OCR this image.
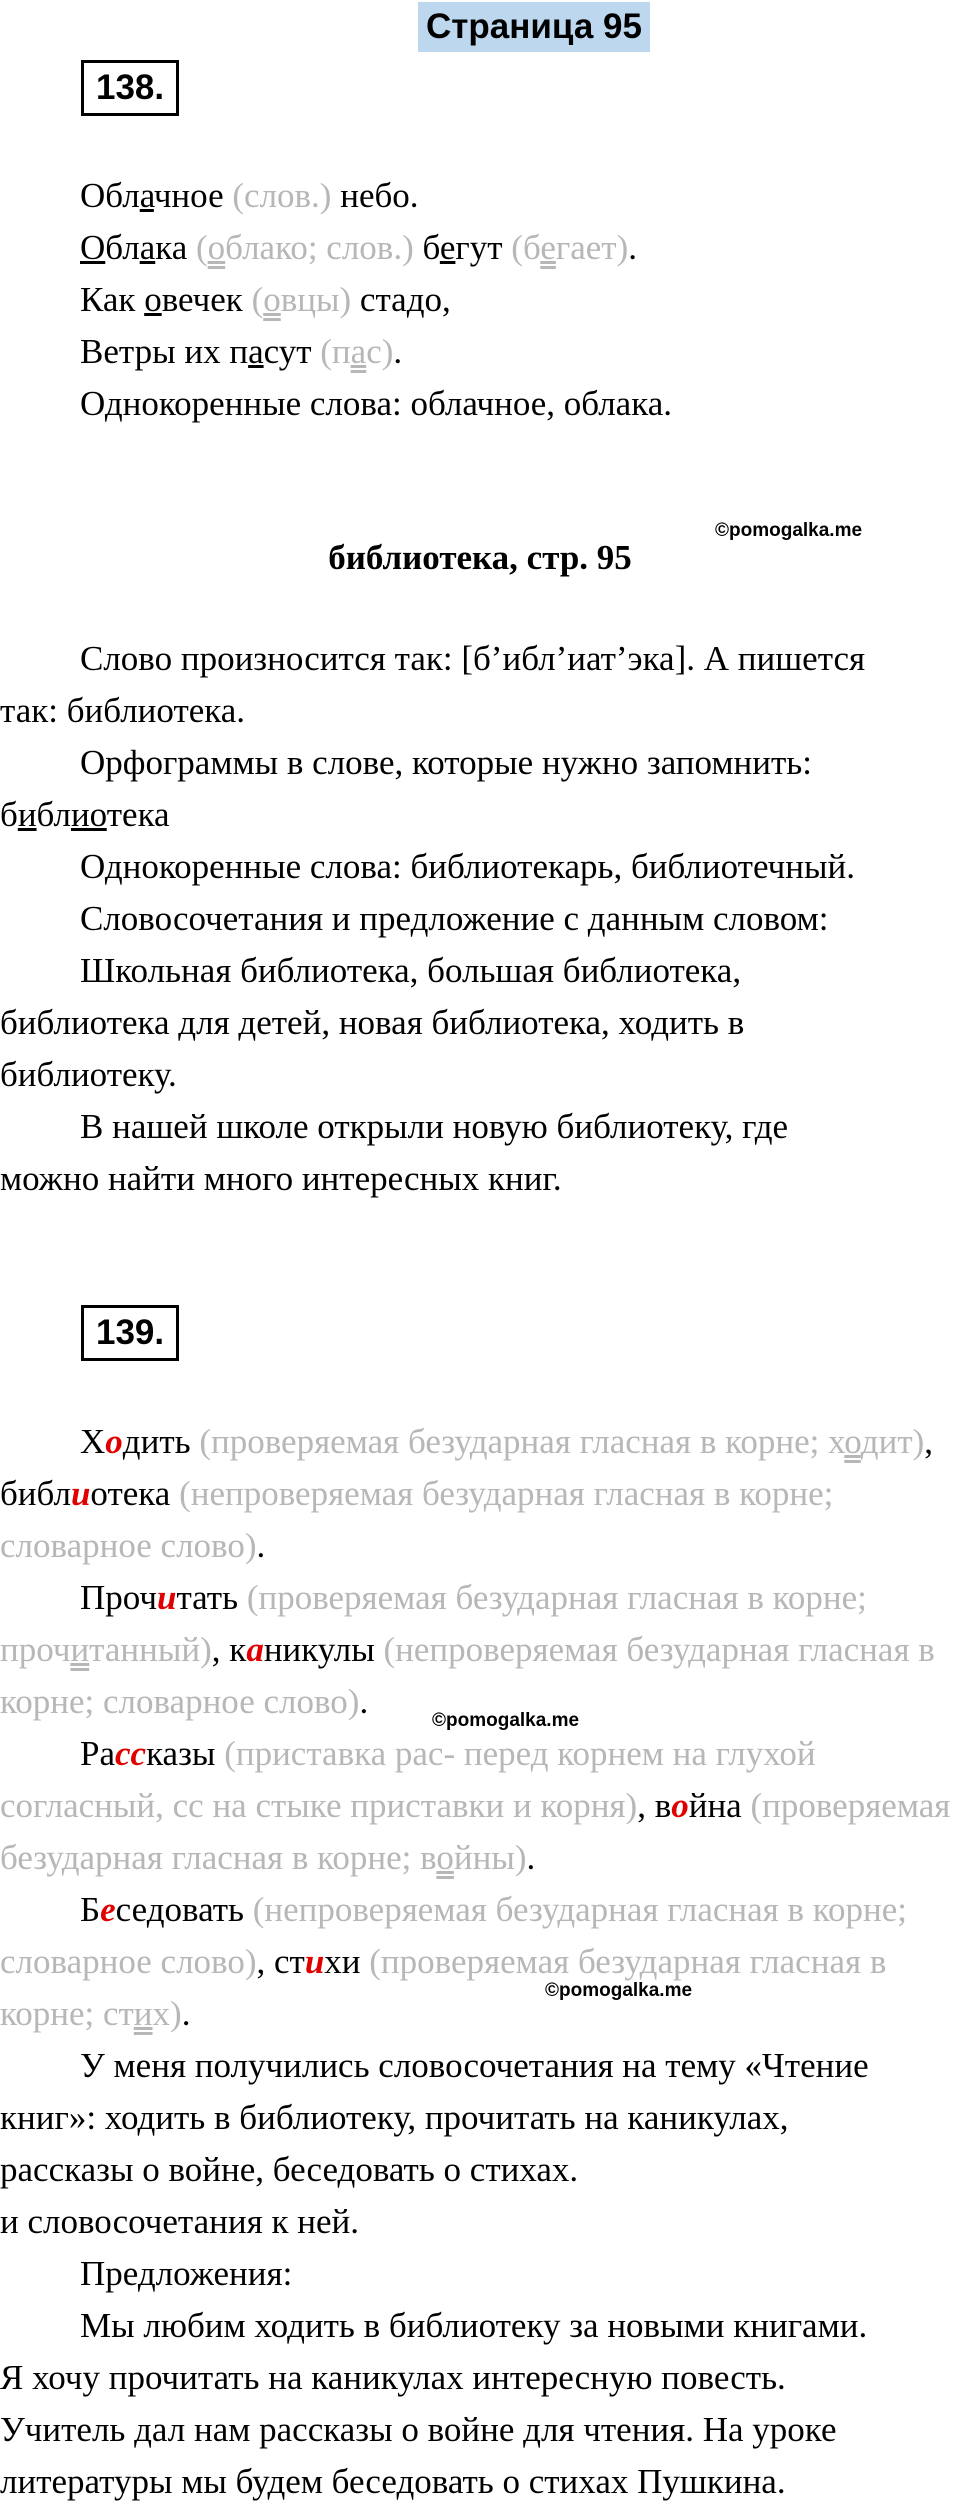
Страница 95
138.
Облачное (слов.) небо.
Облака (облако; слов.) бегут (бегает).
Как овечек (овцы) стадо,
Ветры их пасут (пас).
Однокоренные слова: облачное, облака.
©pomogalka.me
библиотека, стр. 95
Слово произносится так: [б’ибл’иат’эка]. А пишется
так: библиотека.
Орфограммы в слове, которые нужно запомнить:
библиотека
Однокоренные слова: библиотекарь, библиотечный.
Словосочетания и предложение с данным словом:
Школьная библиотека, большая библиотека,
библиотека для детей, новая библиотека, ходить в
библиотеку.
В нашей школе открыли новую библиотеку, где
можно найти много интересных книг.
139.
Ходить (проверяемая безударная гласная в корне; ходит),
библиотека (непроверяемая безударная гласная в корне;
словарное слово).
Прочитать (проверяемая безударная гласная в корне;
прочитанный), каникулы (непроверяемая безударная гласная в
корне; словарное слово).
Рассказы (приставка рас- перед корнем на глухой
согласный, сс на стыке приставки и корня), война (проверяемая
безударная гласная в корне; войны).
Беседовать (непроверяемая безударная гласная в корне;
словарное слово), стихи (проверяемая безударная гласная в
корне; стих).
У меня получились словосочетания на тему «Чтение
книг»: ходить в библиотеку, прочитать на каникулах,
рассказы о войне, беседовать о стихах.
и словосочетания к ней.
Предложения:
Мы любим ходить в библиотеку за новыми книгами.
Я хочу прочитать на каникулах интересную повесть.
Учитель дал нам рассказы о войне для чтения. На уроке
литературы мы будем беседовать о стихах Пушкина.
©pomogalka.me
©pomogalka.me
